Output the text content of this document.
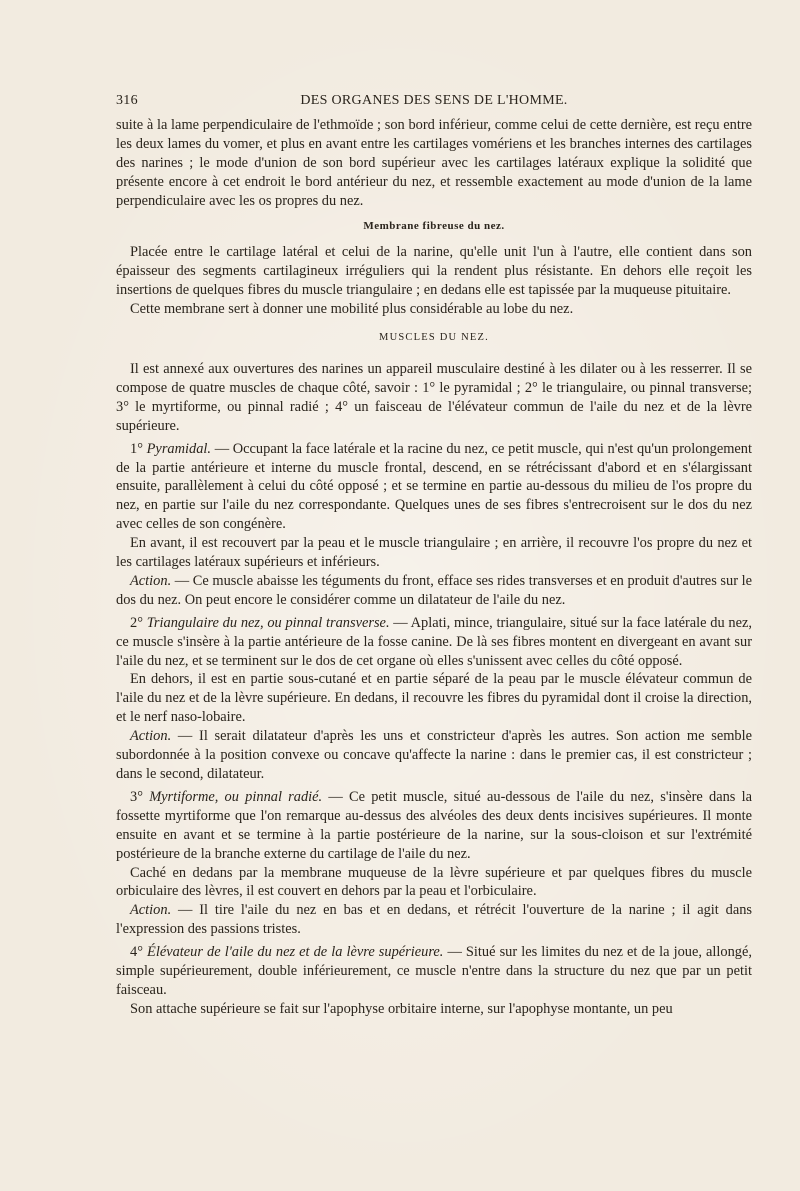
316	DES ORGANES DES SENS DE L'HOMME.

suite à la lame perpendiculaire de l'ethmoïde ; son bord inférieur, comme celui de cette dernière, est reçu entre les deux lames du vomer, et plus en avant entre les cartilages vomériens et les branches internes des cartilages des narines ; le mode d'union de son bord supérieur avec les cartilages latéraux explique la solidité que présente encore à cet endroit le bord antérieur du nez, et ressemble exactement au mode d'union de la lame perpendiculaire avec les os propres du nez.

Membrane fibreuse du nez.

Placée entre le cartilage latéral et celui de la narine, qu'elle unit l'un à l'autre, elle contient dans son épaisseur des segments cartilagineux irréguliers qui la rendent plus résistante. En dehors elle reçoit les insertions de quelques fibres du muscle triangulaire ; en dedans elle est tapissée par la muqueuse pituitaire.

Cette membrane sert à donner une mobilité plus considérable au lobe du nez.

MUSCLES DU NEZ.

Il est annexé aux ouvertures des narines un appareil musculaire destiné à les dilater ou à les resserrer. Il se compose de quatre muscles de chaque côté, savoir : 1° le pyramidal ; 2° le triangulaire, ou pinnal transverse; 3° le myrtiforme, ou pinnal radié ; 4° un faisceau de l'élévateur commun de l'aile du nez et de la lèvre supérieure.

1° Pyramidal. — Occupant la face latérale et la racine du nez, ce petit muscle, qui n'est qu'un prolongement de la partie antérieure et interne du muscle frontal, descend, en se rétrécissant d'abord et en s'élargissant ensuite, parallèlement à celui du côté opposé ; et se termine en partie au-dessous du milieu de l'os propre du nez, en partie sur l'aile du nez correspondante. Quelques unes de ses fibres s'entrecroisent sur le dos du nez avec celles de son congénère.

En avant, il est recouvert par la peau et le muscle triangulaire ; en arrière, il recouvre l'os propre du nez et les cartilages latéraux supérieurs et inférieurs.

Action. — Ce muscle abaisse les téguments du front, efface ses rides transverses et en produit d'autres sur le dos du nez. On peut encore le considérer comme un dilatateur de l'aile du nez.

2° Triangulaire du nez, ou pinnal transverse. — Aplati, mince, triangulaire, situé sur la face latérale du nez, ce muscle s'insère à la partie antérieure de la fosse canine. De là ses fibres montent en divergeant en avant sur l'aile du nez, et se terminent sur le dos de cet organe où elles s'unissent avec celles du côté opposé.

En dehors, il est en partie sous-cutané et en partie séparé de la peau par le muscle élévateur commun de l'aile du nez et de la lèvre supérieure. En dedans, il recouvre les fibres du pyramidal dont il croise la direction, et le nerf naso-lobaire.

Action. — Il serait dilatateur d'après les uns et constricteur d'après les autres. Son action me semble subordonnée à la position convexe ou concave qu'affecte la narine : dans le premier cas, il est constricteur ; dans le second, dilatateur.

3° Myrtiforme, ou pinnal radié. — Ce petit muscle, situé au-dessous de l'aile du nez, s'insère dans la fossette myrtiforme que l'on remarque au-dessus des alvéoles des deux dents incisives supérieures. Il monte ensuite en avant et se termine à la partie postérieure de la narine, sur la sous-cloison et sur l'extrémité postérieure de la branche externe du cartilage de l'aile du nez.

Caché en dedans par la membrane muqueuse de la lèvre supérieure et par quelques fibres du muscle orbiculaire des lèvres, il est couvert en dehors par la peau et l'orbiculaire.

Action. — Il tire l'aile du nez en bas et en dedans, et rétrécit l'ouverture de la narine ; il agit dans l'expression des passions tristes.

4° Élévateur de l'aile du nez et de la lèvre supérieure. — Situé sur les limites du nez et de la joue, allongé, simple supérieurement, double inférieurement, ce muscle n'entre dans la structure du nez que par un petit faisceau.

Son attache supérieure se fait sur l'apophyse orbitaire interne, sur l'apophyse montante, un peu
